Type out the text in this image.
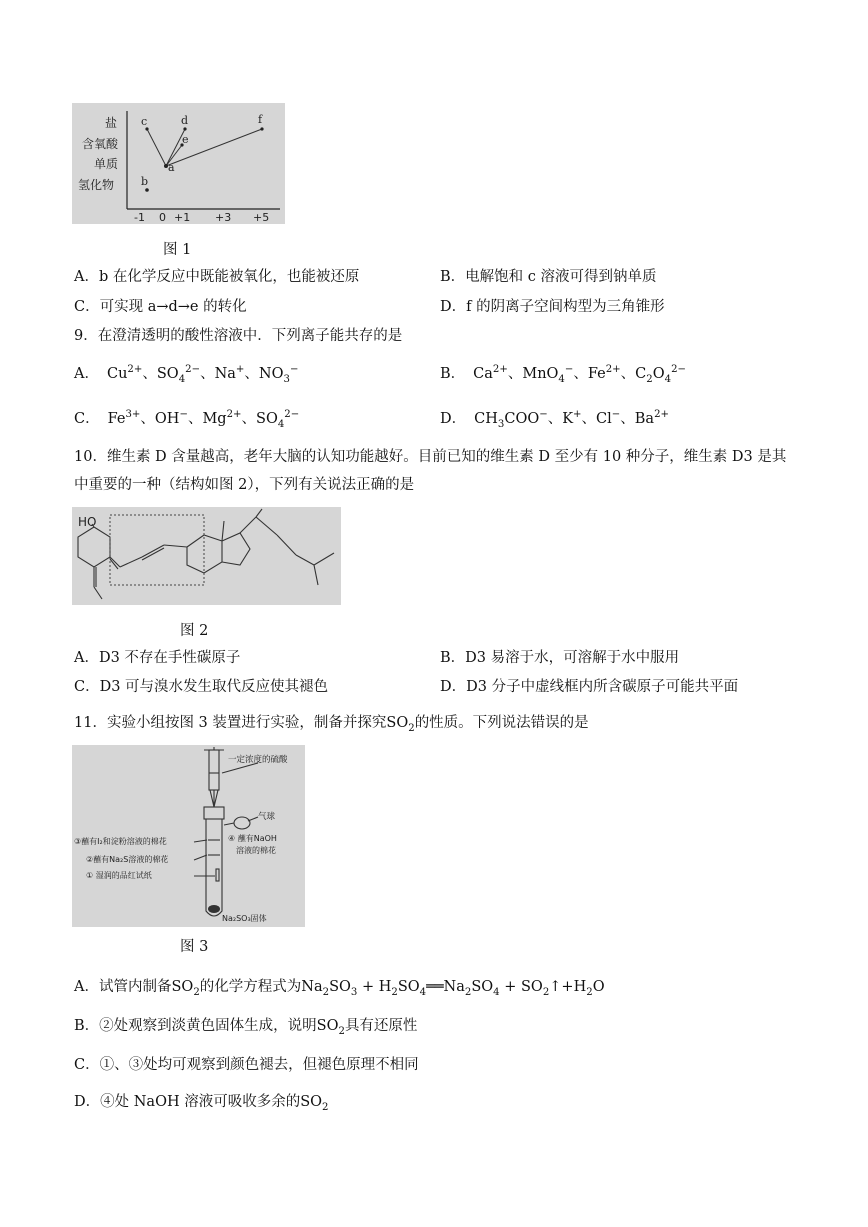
盐
含氧酸
单质
氢化物
-1 0 +1 +3 +5
a
b
c	d
e
f
图 1
A．b 在化学反应中既能被氧化，也能被还原	B．电解饱和 c 溶液可得到钠单质
C．可实现 a→d→e 的转化	D．f 的阴离子空间构型为三角锥形
9．在澄清透明的酸性溶液中．下列离子能共存的是
A． $Cu^{2+}$、$SO_4^{2-}$、Na+、$NO_3^-$	B． $Ca^{2+}$、MnO$_4$−、$Fe^{2+}$、$C_2O_4^{2-}$
C． $Fe^{3+}$、OH−、$Mg^{2+}$、$SO_4^{2-}$	D． $CH_3COO^-$、K+、Cl−、$Ba^{2+}$
10．维生素 D 含量越高，老年大脑的认知功能越好。目前已知的维生素 D 至少有 10 种分子，维生素 D3 是其
中重要的一种（结构如图 2），下列有关说法正确的是
HO
图 2
A．D3 不存在手性碳原子	B．D3 易溶于水，可溶解于水中服用
C．D3 可与溴水发生取代反应使其褪色	D．D3 分子中虚线框内所含碳原子可能共平面
11．实验小组按图 3 装置进行实验，制备并探究$SO_2$的性质。下列说法错误的是
一定浓度的硫酸
气球
③蘸有I₂和淀粉溶液的棉花
②蘸有Na₂S溶液的棉花
① 湿润的品红试纸
④ 蘸有NaOH
溶液的棉花
Na₂SO₃固体
图 3
A．试管内制备$SO_2$的化学方程式为$Na_2SO_3$ + $H_2SO_4══Na_2SO_4$ + $SO_2↑+H_2O$
B．②处观察到淡黄色固体生成，说明$SO_2$具有还原性
C．①、③处均可观察到颜色褪去，但褪色原理不相同
D．④处 NaOH 溶液可吸收多余的$SO_2$
